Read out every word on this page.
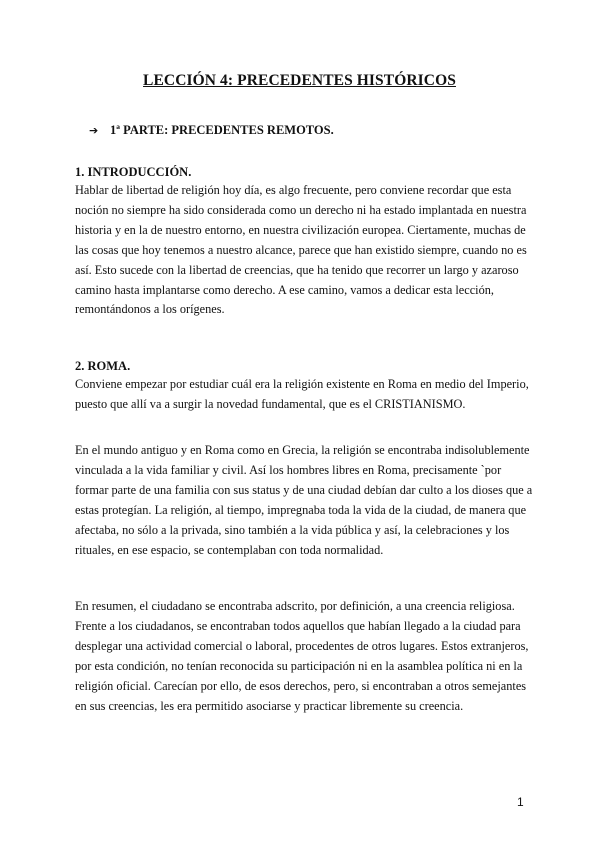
LECCIÓN 4: PRECEDENTES HISTÓRICOS

➔ 1ª PARTE: PRECEDENTES REMOTOS.

1. INTRODUCCIÓN.

Hablar de libertad de religión hoy día, es algo frecuente, pero conviene recordar que esta

noción no siempre ha sido considerada como un derecho ni ha estado implantada en nuestra

historia y en la de nuestro entorno, en nuestra civilización europea. Ciertamente, muchas de

las cosas que hoy tenemos a nuestro alcance, parece que han existido siempre, cuando no es

así. Esto sucede con la libertad de creencias, que ha tenido que recorrer un largo y azaroso

camino hasta implantarse como derecho. A ese camino, vamos a dedicar esta lección,

remontándonos a los orígenes.

2. ROMA.

Conviene empezar por estudiar cuál era la religión existente en Roma en medio del Imperio,

puesto que allí va a surgir la novedad fundamental, que es el CRISTIANISMO.

En el mundo antiguo y en Roma como en Grecia, la religión se encontraba indisolublemente

vinculada a la vida familiar y civil. Así los hombres libres en Roma, precisamente `por

formar parte de una familia con sus status y de una ciudad debían dar culto a los dioses que a

estas protegían. La religión, al tiempo, impregnaba toda la vida de la ciudad, de manera que

afectaba, no sólo a la privada, sino también a la vida pública y así, la celebraciones y los

rituales, en ese espacio, se contemplaban con toda normalidad.

En resumen, el ciudadano se encontraba adscrito, por definición, a una creencia religiosa.

Frente a los ciudadanos, se encontraban todos aquellos que habían llegado a la ciudad para

desplegar una actividad comercial o laboral, procedentes de otros lugares. Estos extranjeros,

por esta condición, no tenían reconocida su participación ni en la asamblea política ni en la

religión oficial. Carecían por ello, de esos derechos, pero, si encontraban a otros semejantes

en sus creencias, les era permitido asociarse y practicar libremente su creencia.

1
